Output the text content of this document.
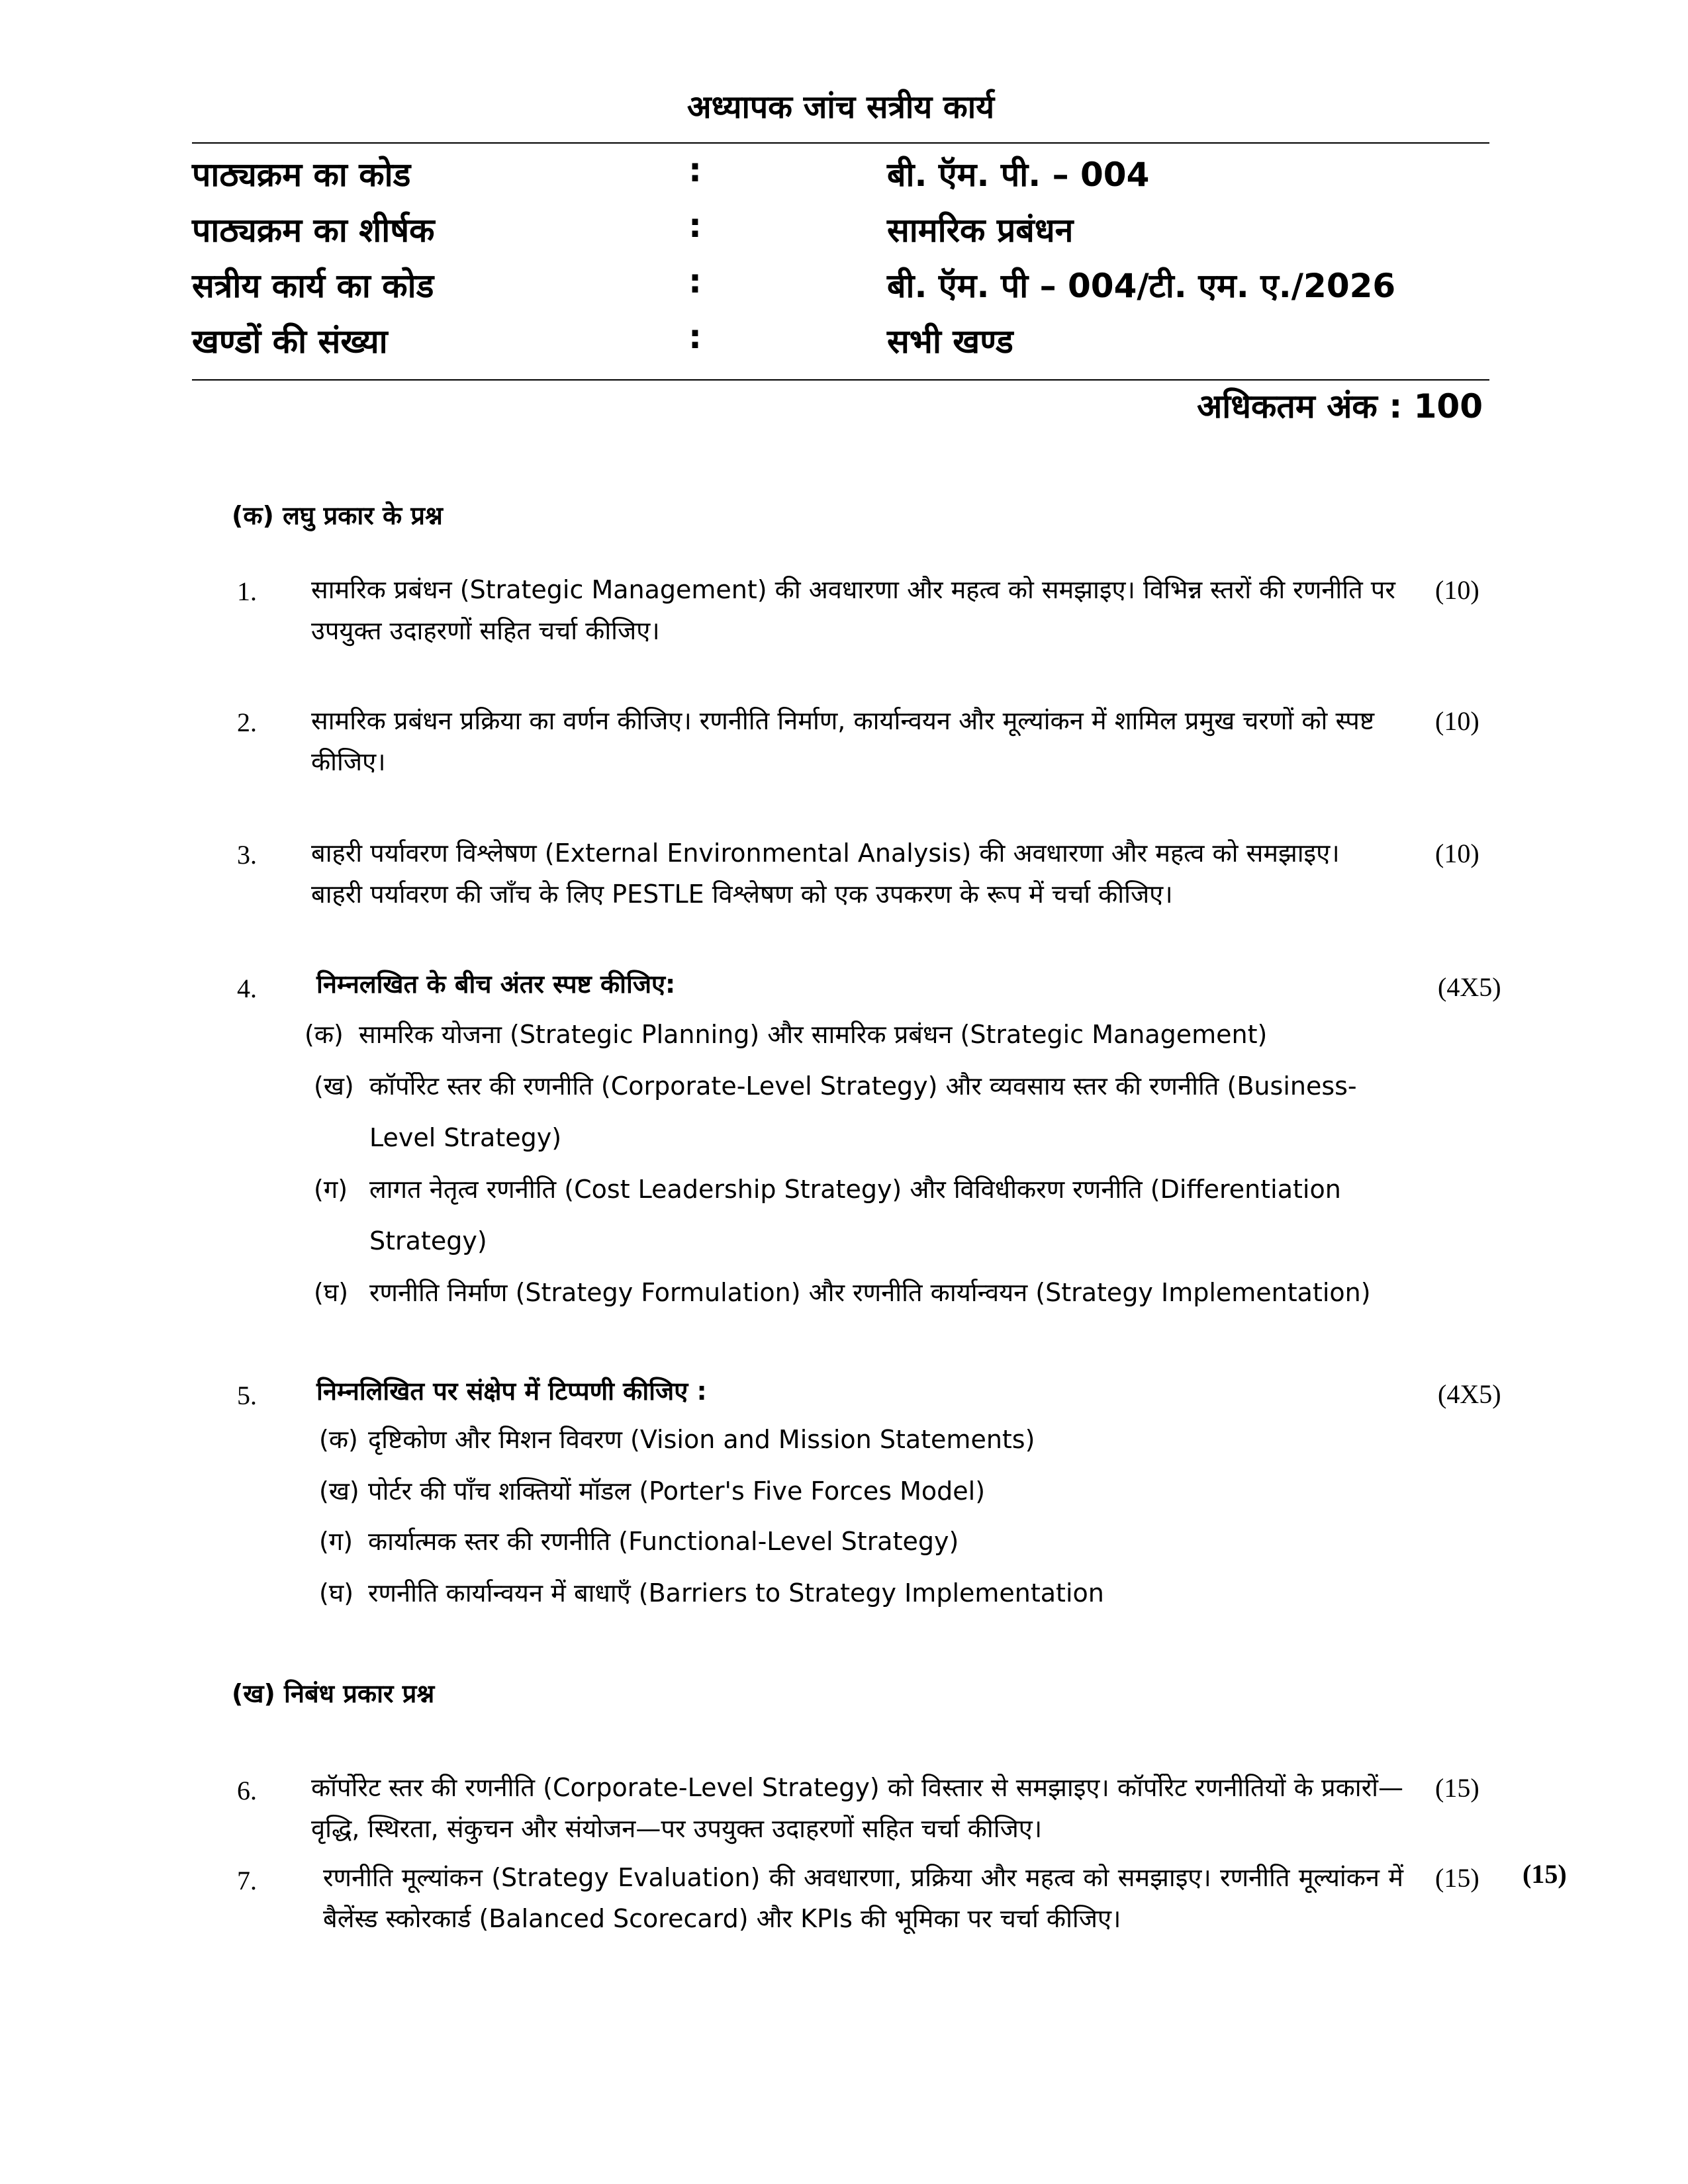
अध्यापक जांच सत्रीय कार्य
पाठ्यक्रम का कोड	:	बी. ऍम. पी. – 004
पाठ्यक्रम का शीर्षक	:	सामरिक प्रबंधन
सत्रीय कार्य का कोड	:	बी. ऍम. पी – 004/टी. एम. ए./2026
खण्डों की संख्या	:	सभी खण्ड
अधिकतम अंक : 100
(क) लघु प्रकार के प्रश्न
1. सामरिक प्रबंधन (Strategic Management) की अवधारणा और महत्व को समझाइए। विभिन्न स्तरों की रणनीति पर उपयुक्त उदाहरणों सहित चर्चा कीजिए।
(10)
2. सामरिक प्रबंधन प्रक्रिया का वर्णन कीजिए। रणनीति निर्माण, कार्यान्वयन और मूल्यांकन में शामिल प्रमुख चरणों को स्पष्ट कीजिए।
(10)
3. बाहरी पर्यावरण विश्लेषण (External Environmental Analysis) की अवधारणा और महत्व को समझाइए। बाहरी पर्यावरण की जाँच के लिए PESTLE विश्लेषण को एक उपकरण के रूप में चर्चा कीजिए।
(10)
4. निम्नलखित के बीच अंतर स्पष्ट कीजिए:	(4X5)
(क) सामरिक योजना (Strategic Planning) और सामरिक प्रबंधन (Strategic Management)
(ख) कॉर्पोरेट स्तर की रणनीति (Corporate-Level Strategy) और व्यवसाय स्तर की रणनीति (Business-Level Strategy)
(ग) लागत नेतृत्व रणनीति (Cost Leadership Strategy) और विविधीकरण रणनीति (Differentiation Strategy)
(घ) रणनीति निर्माण (Strategy Formulation) और रणनीति कार्यान्वयन (Strategy Implementation)
5. निम्नलिखित पर संक्षेप में टिप्पणी कीजिए :	(4X5)
(क) दृष्टिकोण और मिशन विवरण (Vision and Mission Statements)
(ख) पोर्टर की पाँच शक्तियों मॉडल (Porter's Five Forces Model)
(ग) कार्यात्मक स्तर की रणनीति (Functional-Level Strategy)
(घ) रणनीति कार्यान्वयन में बाधाएँ (Barriers to Strategy Implementation
(ख) निबंध प्रकार प्रश्न
6. कॉर्पोरेट स्तर की रणनीति (Corporate-Level Strategy) को विस्तार से समझाइए। कॉर्पोरेट रणनीतियों के प्रकारों—वृद्धि, स्थिरता, संकुचन और संयोजन—पर उपयुक्त उदाहरणों सहित चर्चा कीजिए।
(15)
7.	रणनीति मूल्यांकन (Strategy Evaluation) की अवधारणा, प्रक्रिया और महत्व को समझाइए। रणनीति मूल्यांकन में बैलेंस्ड स्कोरकार्ड (Balanced Scorecard) और KPIs की भूमिका पर चर्चा कीजिए।
(15) (15)
